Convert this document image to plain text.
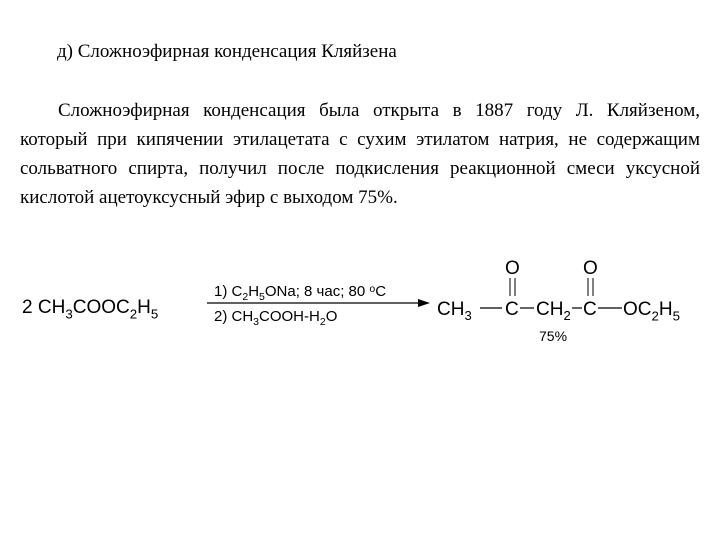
д) Сложноэфирная конденсация Кляйзена
Сложноэфирная конденсация была открыта в 1887 году Л. Кляйзеном, который при кипячении этилацетата с сухим этилатом натрия, не содержащим сольватного спирта, получил после подкисления реакционной смеси уксусной кислотой ацетоуксусный эфир с выходом 75%.
2 $CH_3COOC_2H_5$
1) $C_2H_5ONa$; 8 час; 80 $^o$C
2) $CH_3COOH-H_2O$
O	O
$CH_3$ C $CH_2$ C $OC_2H_5$
75%
